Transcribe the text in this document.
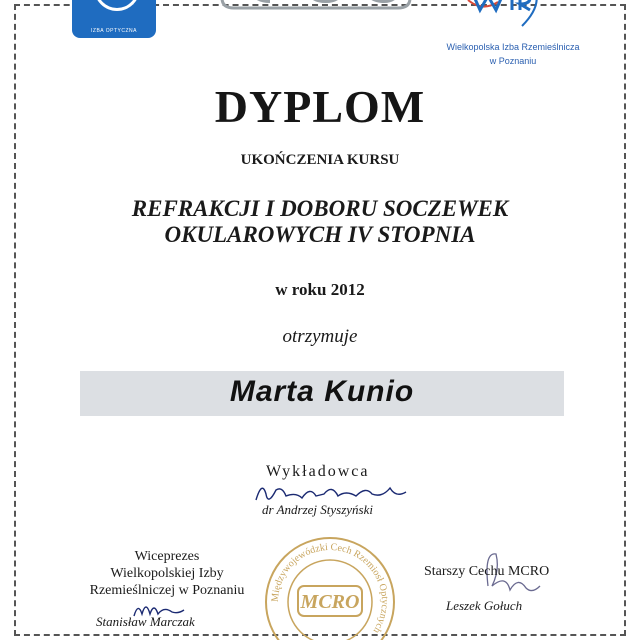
IZBA OPTYCZNA
Wielkopolska Izba Rzemieślnicza
w Poznaniu
DYPLOM
UKOŃCZENIA KURSU
REFRAKCJI I DOBORU SOCZEWEK
OKULAROWYCH IV STOPNIA
w roku 2012
otrzymuje
Marta Kunio
Wykładowca
dr Andrzej Styszyński
Wiceprezes
Wielkopolskiej Izby
Rzemieślniczej w Poznaniu
Stanisław Marczak
Międzywojewódzki Cech Rzemiosł Optycznych
MCRO
Starszy Cechu MCRO
Leszek Gołuch
